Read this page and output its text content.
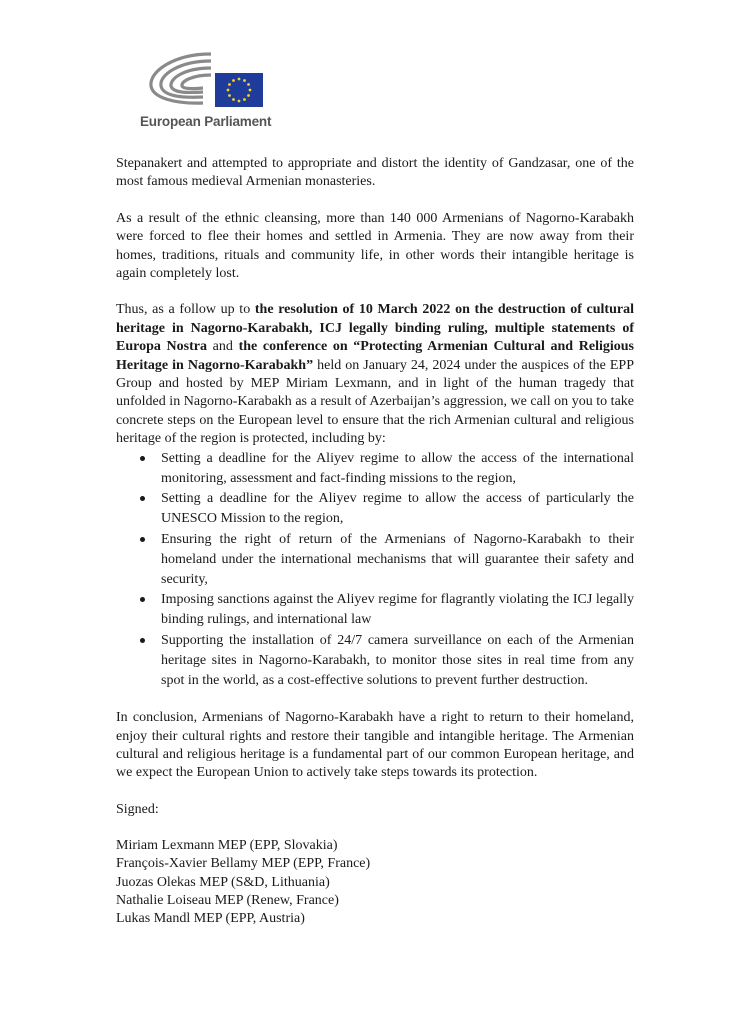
European Parliament

Stepanakert and attempted to appropriate and distort the identity of Gandzasar, one of the most famous medieval Armenian monasteries.

As a result of the ethnic cleansing, more than 140 000 Armenians of Nagorno-Karabakh were forced to flee their homes and settled in Armenia. They are now away from their homes, traditions, rituals and community life, in other words their intangible heritage is again completely lost.

Thus, as a follow up to the resolution of 10 March 2022 on the destruction of cultural heritage in Nagorno-Karabakh, ICJ legally binding ruling, multiple statements of Europa Nostra and the conference on “Protecting Armenian Cultural and Religious Heritage in Nagorno-Karabakh” held on January 24, 2024 under the auspices of the EPP Group and hosted by MEP Miriam Lexmann, and in light of the human tragedy that unfolded in Nagorno-Karabakh as a result of Azerbaijan’s aggression, we call on you to take concrete steps on the European level to ensure that the rich Armenian cultural and religious heritage of the region is protected, including by:

Setting a deadline for the Aliyev regime to allow the access of the international monitoring, assessment and fact-finding missions to the region,
Setting a deadline for the Aliyev regime to allow the access of particularly the UNESCO Mission to the region,
Ensuring the right of return of the Armenians of Nagorno-Karabakh to their homeland under the international mechanisms that will guarantee their safety and security,
Imposing sanctions against the Aliyev regime for flagrantly violating the ICJ legally binding rulings, and international law
Supporting the installation of 24/7 camera surveillance on each of the Armenian heritage sites in Nagorno-Karabakh, to monitor those sites in real time from any spot in the world, as a cost-effective solutions to prevent further destruction.

In conclusion, Armenians of Nagorno-Karabakh have a right to return to their homeland, enjoy their cultural rights and restore their tangible and intangible heritage. The Armenian cultural and religious heritage is a fundamental part of our common European heritage, and we expect the European Union to actively take steps towards its protection.

Signed:

Miriam Lexmann MEP (EPP, Slovakia)
François-Xavier Bellamy MEP (EPP, France)
Juozas Olekas MEP (S&D, Lithuania)
Nathalie Loiseau MEP (Renew, France)
Lukas Mandl MEP (EPP, Austria)
